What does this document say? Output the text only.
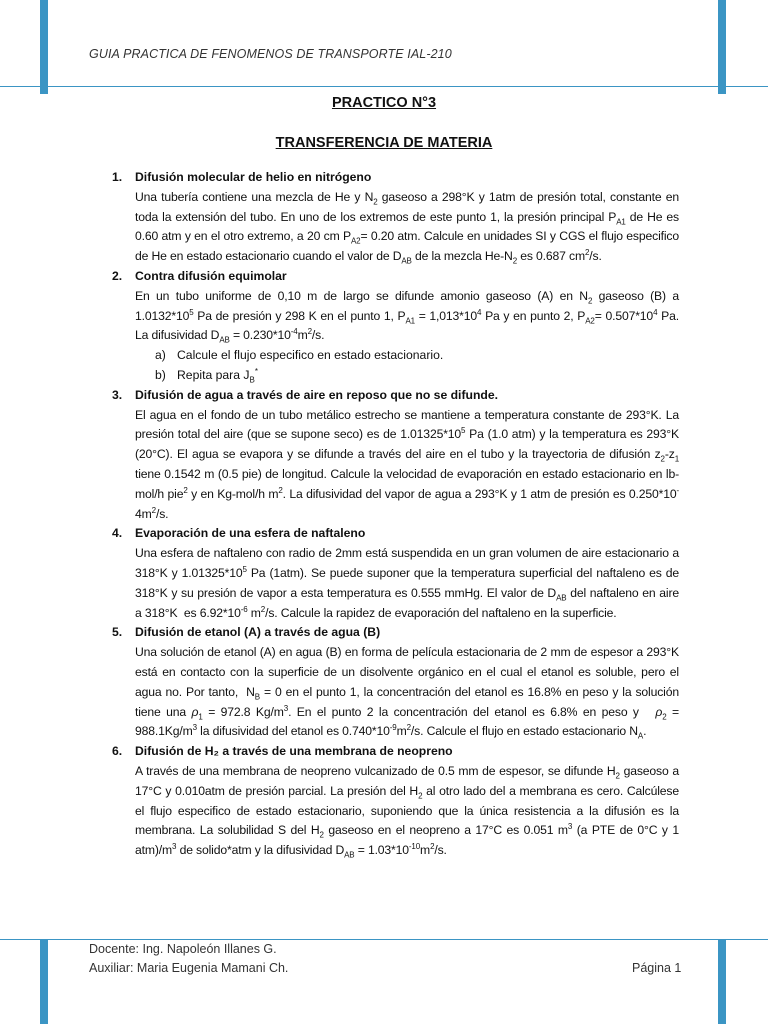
GUIA PRACTICA DE FENOMENOS DE TRANSPORTE IAL-210
PRACTICO N°3
TRANSFERENCIA DE MATERIA
1. Difusión molecular de helio en nitrógeno
Una tubería contiene una mezcla de He y $N_2$ gaseoso a 298°K y 1atm de presión total, constante en toda la extensión del tubo. En uno de los extremos de este punto 1, la presión principal $P_{A1}$ de He es 0.60 atm y en el otro extremo, a 20 cm $P_{A2}= 0.20$ atm. Calcule en unidades SI y CGS el flujo especifico de He en estado estacionario cuando el valor de $D_{AB}$ de la mezcla $He-N_2$ es 0.687 $cm^2/s$.
2. Contra difusión equimolar
En un tubo uniforme de 0,10 m de largo se difunde amonio gaseoso (A) en $N_2$ gaseoso (B) a $1.0132*10^5$ Pa de presión y 298 K en el punto 1, $P_{A1} = 1,013*10^4$ Pa y en punto 2, $P_{A2}= 0.507*10^4$ Pa. La difusividad $D_{AB} = 0.230*10^{-4}m^2/s$.
a) Calcule el flujo especifico en estado estacionario.
b) Repita para $J_B^*$
3. Difusión de agua a través de aire en reposo que no se difunde.
El agua en el fondo de un tubo metálico estrecho se mantiene a temperatura constante de 293°K. La presión total del aire (que se supone seco) es de $1.01325*10^5$ Pa (1.0 atm) y la temperatura es 293°K (20°C). El agua se evapora y se difunde a través del aire en el tubo y la trayectoria de difusión $z_2-z_1$ tiene 0.1542 m (0.5 pie) de longitud. Calcule la velocidad de evaporación en estado estacionario en lb-mol/h pie$^2$ y en Kg-mol/h $m^2$. La difusividad del vapor de agua a 293°K y 1 atm de presión es $0.250*10^-4m^2/s$.
4. Evaporación de una esfera de naftaleno
Una esfera de naftaleno con radio de 2mm está suspendida en un gran volumen de aire estacionario a 318°K y $1.01325*10^5$ Pa (1atm). Se puede suponer que la temperatura superficial del naftaleno es de 318°K y su presión de vapor a esta temperatura es 0.555 mmHg. El valor de $D_{AB}$ del naftaleno en aire a 318°K  es $6.92*10^{-6}$ $m^2/s$. Calcule la rapidez de evaporación del naftaleno en la superficie.
5. Difusión de etanol (A) a través de agua (B)
Una solución de etanol (A) en agua (B) en forma de película estacionaria de 2 mm de espesor a 293°K está en contacto con la superficie de un disolvente orgánico en el cual el etanol es soluble, pero el agua no. Por tanto,  $N_B = 0$ en el punto 1, la concentración del etanol es 16.8% en peso y la solución tiene una $\rho_1 = 972.8$ $Kg/m^3$. En el punto 2 la concentración del etanol es 6.8% en peso y   $\rho_2 = 988.1Kg/m^3$ la difusividad del etanol es $0.740*10^{-9}m^2/s$. Calcule el flujo en estado estacionario $N_A$.
6. Difusión de H₂ a través de una membrana de neopreno
A través de una membrana de neopreno vulcanizado de 0.5 mm de espesor, se difunde $H_2$ gaseoso a 17°C y 0.010atm de presión parcial. La presión del $H_2$ al otro lado del a membrana es cero. Calcúlese el flujo especifico de estado estacionario, suponiendo que la única resistencia a la difusión es la membrana. La solubilidad S del $H_2$ gaseoso en el neopreno a 17°C es 0.051 $m^3$ (a PTE de 0°C y 1 $atm)/m^3$ de solido*atm y la difusividad $D_{AB} = 1.03*10^{-10}m^2/s$.
Docente: Ing. Napoleón Illanes G.
Auxiliar: Maria Eugenia Mamani Ch.	Página 1
